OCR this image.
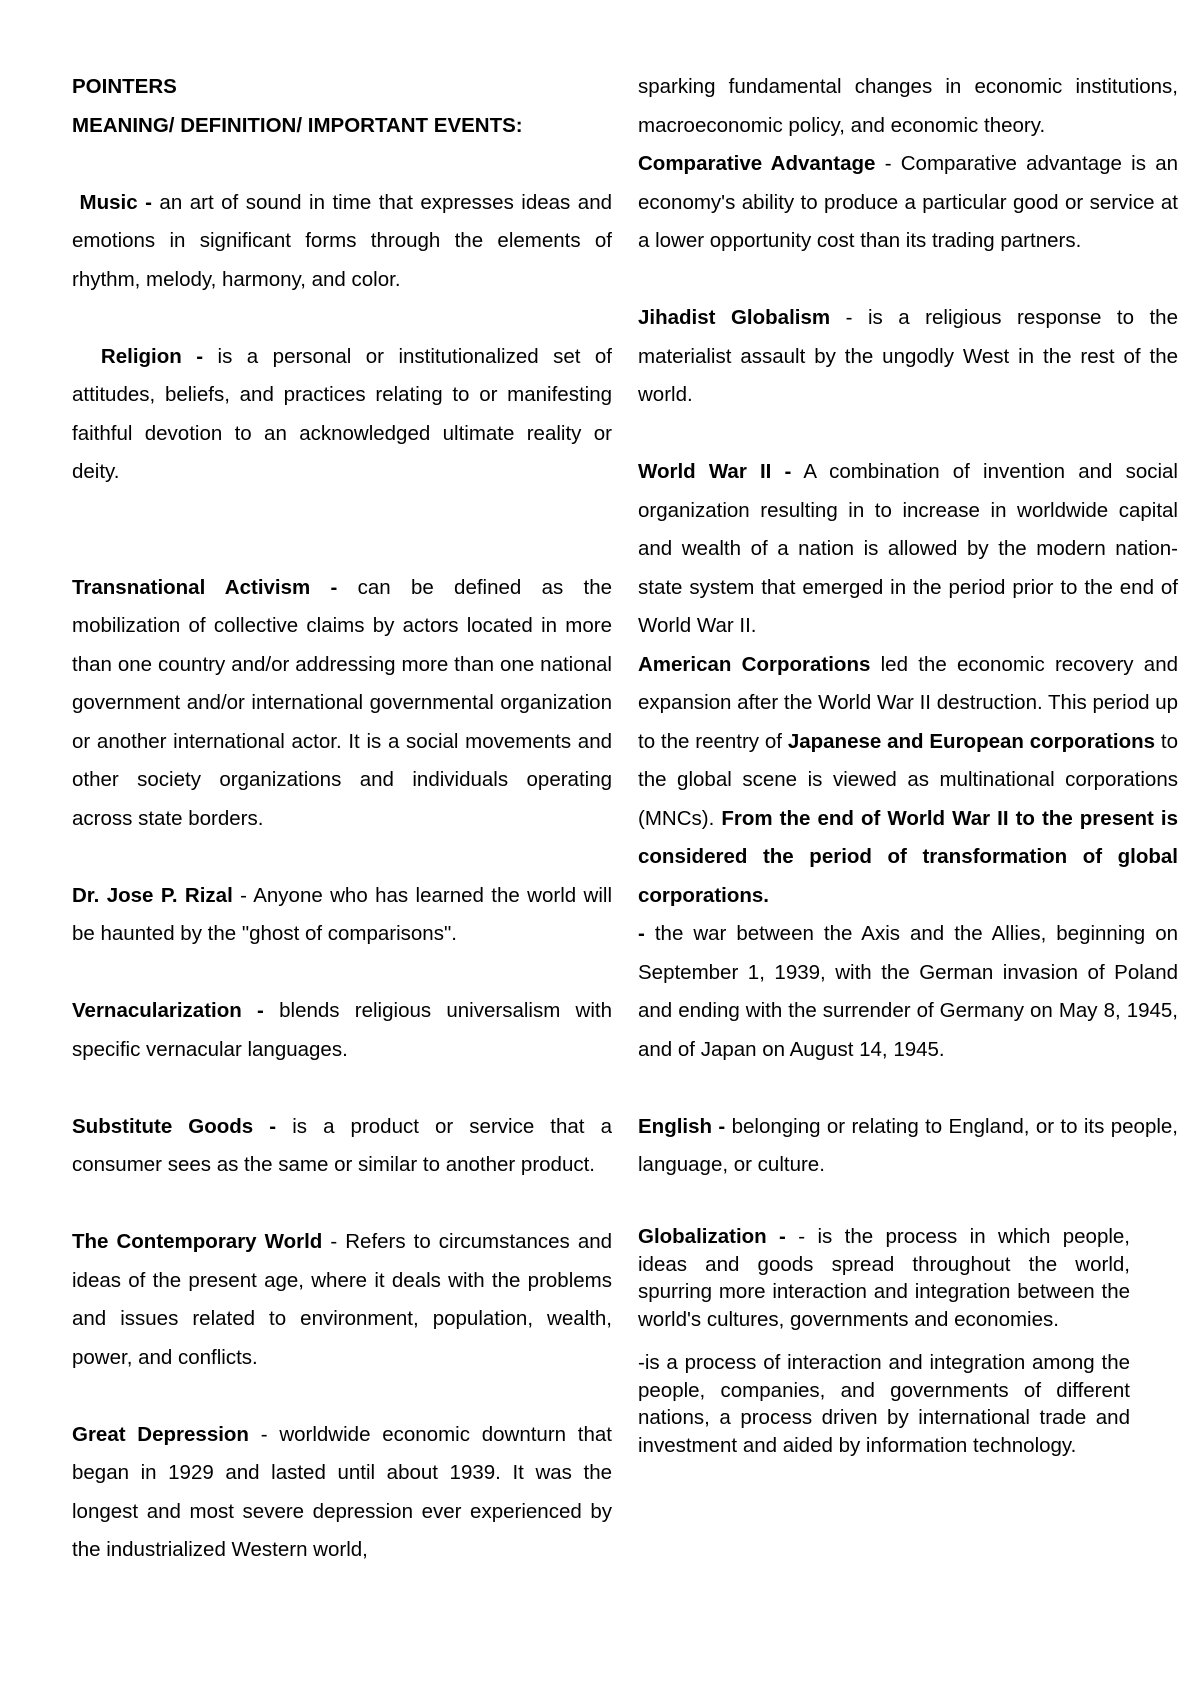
POINTERS

MEANING/ DEFINITION/ IMPORTANT EVENTS:

Music - an art of sound in time that expresses ideas and emotions in significant forms through the elements of rhythm, melody, harmony, and color.

Religion - is a personal or institutionalized set of attitudes, beliefs, and practices relating to or manifesting faithful devotion to an acknowledged ultimate reality or deity.

Transnational Activism - can be defined as the mobilization of collective claims by actors located in more than one country and/or addressing more than one national government and/or international governmental organization or another international actor. It is a social movements and other society organizations and individuals operating across state borders.

Dr. Jose P. Rizal - Anyone who has learned the world will be haunted by the "ghost of comparisons".

Vernacularization - blends religious universalism with specific vernacular languages.

Substitute Goods - is a product or service that a consumer sees as the same or similar to another product.

The Contemporary World - Refers to circumstances and ideas of the present age, where it deals with the problems and issues related to environment, population, wealth, power, and conflicts.

Great Depression - worldwide economic downturn that began in 1929 and lasted until about 1939. It was the longest and most severe depression ever experienced by the industrialized Western world,

sparking fundamental changes in economic institutions, macroeconomic policy, and economic theory.

Comparative Advantage - Comparative advantage is an economy's ability to produce a particular good or service at a lower opportunity cost than its trading partners.

Jihadist Globalism - is a religious response to the materialist assault by the ungodly West in the rest of the world.

World War II - A combination of invention and social organization resulting in to increase in worldwide capital and wealth of a nation is allowed by the modern nation-state system that emerged in the period prior to the end of World War II.

American Corporations led the economic recovery and expansion after the World War II destruction. This period up to the reentry of Japanese and European corporations to the global scene is viewed as multinational corporations (MNCs). From the end of World War II to the present is considered the period of transformation of global corporations.

- the war between the Axis and the Allies, beginning on September 1, 1939, with the German invasion of Poland and ending with the surrender of Germany on May 8, 1945, and of Japan on August 14, 1945.

English - belonging or relating to England, or to its people, language, or culture.

Globalization - - is the process in which people, ideas and goods spread throughout the world, spurring more interaction and integration between the world's cultures, governments and economies.

-is a process of interaction and integration among the people, companies, and governments of different nations, a process driven by international trade and investment and aided by information technology.
